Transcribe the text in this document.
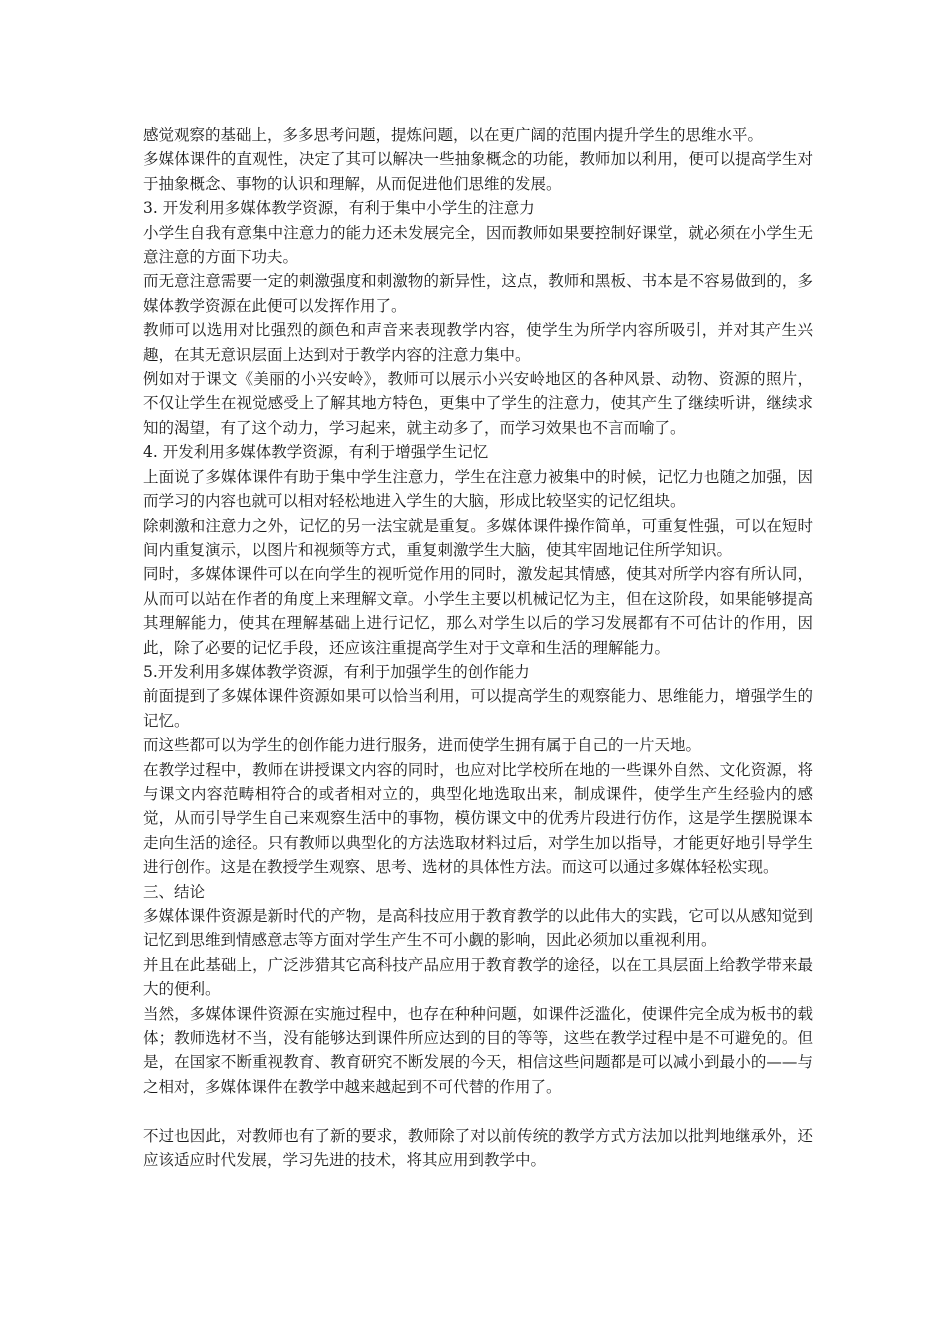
感觉观察的基础上，多多思考问题，提炼问题，以在更广阔的范围内提升学生的思维水平。

多媒体课件的直观性，决定了其可以解决一些抽象概念的功能，教师加以利用，便可以提高学生对于抽象概念、事物的认识和理解，从而促进他们思维的发展。

3. 开发利用多媒体教学资源，有利于集中小学生的注意力

小学生自我有意集中注意力的能力还未发展完全，因而教师如果要控制好课堂，就必须在小学生无意注意的方面下功夫。

而无意注意需要一定的刺激强度和刺激物的新异性，这点，教师和黑板、书本是不容易做到的，多媒体教学资源在此便可以发挥作用了。

教师可以选用对比强烈的颜色和声音来表现教学内容，使学生为所学内容所吸引，并对其产生兴趣，在其无意识层面上达到对于教学内容的注意力集中。

例如对于课文《美丽的小兴安岭》，教师可以展示小兴安岭地区的各种风景、动物、资源的照片，不仅让学生在视觉感受上了解其地方特色，更集中了学生的注意力，使其产生了继续听讲，继续求知的渴望，有了这个动力，学习起来，就主动多了，而学习效果也不言而喻了。

4. 开发利用多媒体教学资源，有利于增强学生记忆

上面说了多媒体课件有助于集中学生注意力，学生在注意力被集中的时候，记忆力也随之加强，因而学习的内容也就可以相对轻松地进入学生的大脑，形成比较坚实的记忆组块。

除刺激和注意力之外，记忆的另一法宝就是重复。多媒体课件操作简单，可重复性强，可以在短时间内重复演示，以图片和视频等方式，重复刺激学生大脑，使其牢固地记住所学知识。

同时，多媒体课件可以在向学生的视听觉作用的同时，激发起其情感，使其对所学内容有所认同，从而可以站在作者的角度上来理解文章。小学生主要以机械记忆为主，但在这阶段，如果能够提高其理解能力，使其在理解基础上进行记忆，那么对学生以后的学习发展都有不可估计的作用，因此，除了必要的记忆手段，还应该注重提高学生对于文章和生活的理解能力。

5.开发利用多媒体教学资源，有利于加强学生的创作能力

前面提到了多媒体课件资源如果可以恰当利用，可以提高学生的观察能力、思维能力，增强学生的记忆。

而这些都可以为学生的创作能力进行服务，进而使学生拥有属于自己的一片天地。

在教学过程中，教师在讲授课文内容的同时，也应对比学校所在地的一些课外自然、文化资源，将与课文内容范畴相符合的或者相对立的，典型化地选取出来，制成课件，使学生产生经验内的感觉，从而引导学生自己来观察生活中的事物，模仿课文中的优秀片段进行仿作，这是学生摆脱课本走向生活的途径。只有教师以典型化的方法选取材料过后，对学生加以指导，才能更好地引导学生进行创作。这是在教授学生观察、思考、选材的具体性方法。而这可以通过多媒体轻松实现。

三、结论

多媒体课件资源是新时代的产物，是高科技应用于教育教学的以此伟大的实践，它可以从感知觉到记忆到思维到情感意志等方面对学生产生不可小觑的影响，因此必须加以重视利用。

并且在此基础上，广泛涉猎其它高科技产品应用于教育教学的途径，以在工具层面上给教学带来最大的便利。

当然，多媒体课件资源在实施过程中，也存在种种问题，如课件泛滥化，使课件完全成为板书的载体；教师选材不当，没有能够达到课件所应达到的目的等等，这些在教学过程中是不可避免的。但是，在国家不断重视教育、教育研究不断发展的今天，相信这些问题都是可以减小到最小的——与之相对，多媒体课件在教学中越来越起到不可代替的作用了。

不过也因此，对教师也有了新的要求，教师除了对以前传统的教学方式方法加以批判地继承外，还应该适应时代发展，学习先进的技术，将其应用到教学中。
